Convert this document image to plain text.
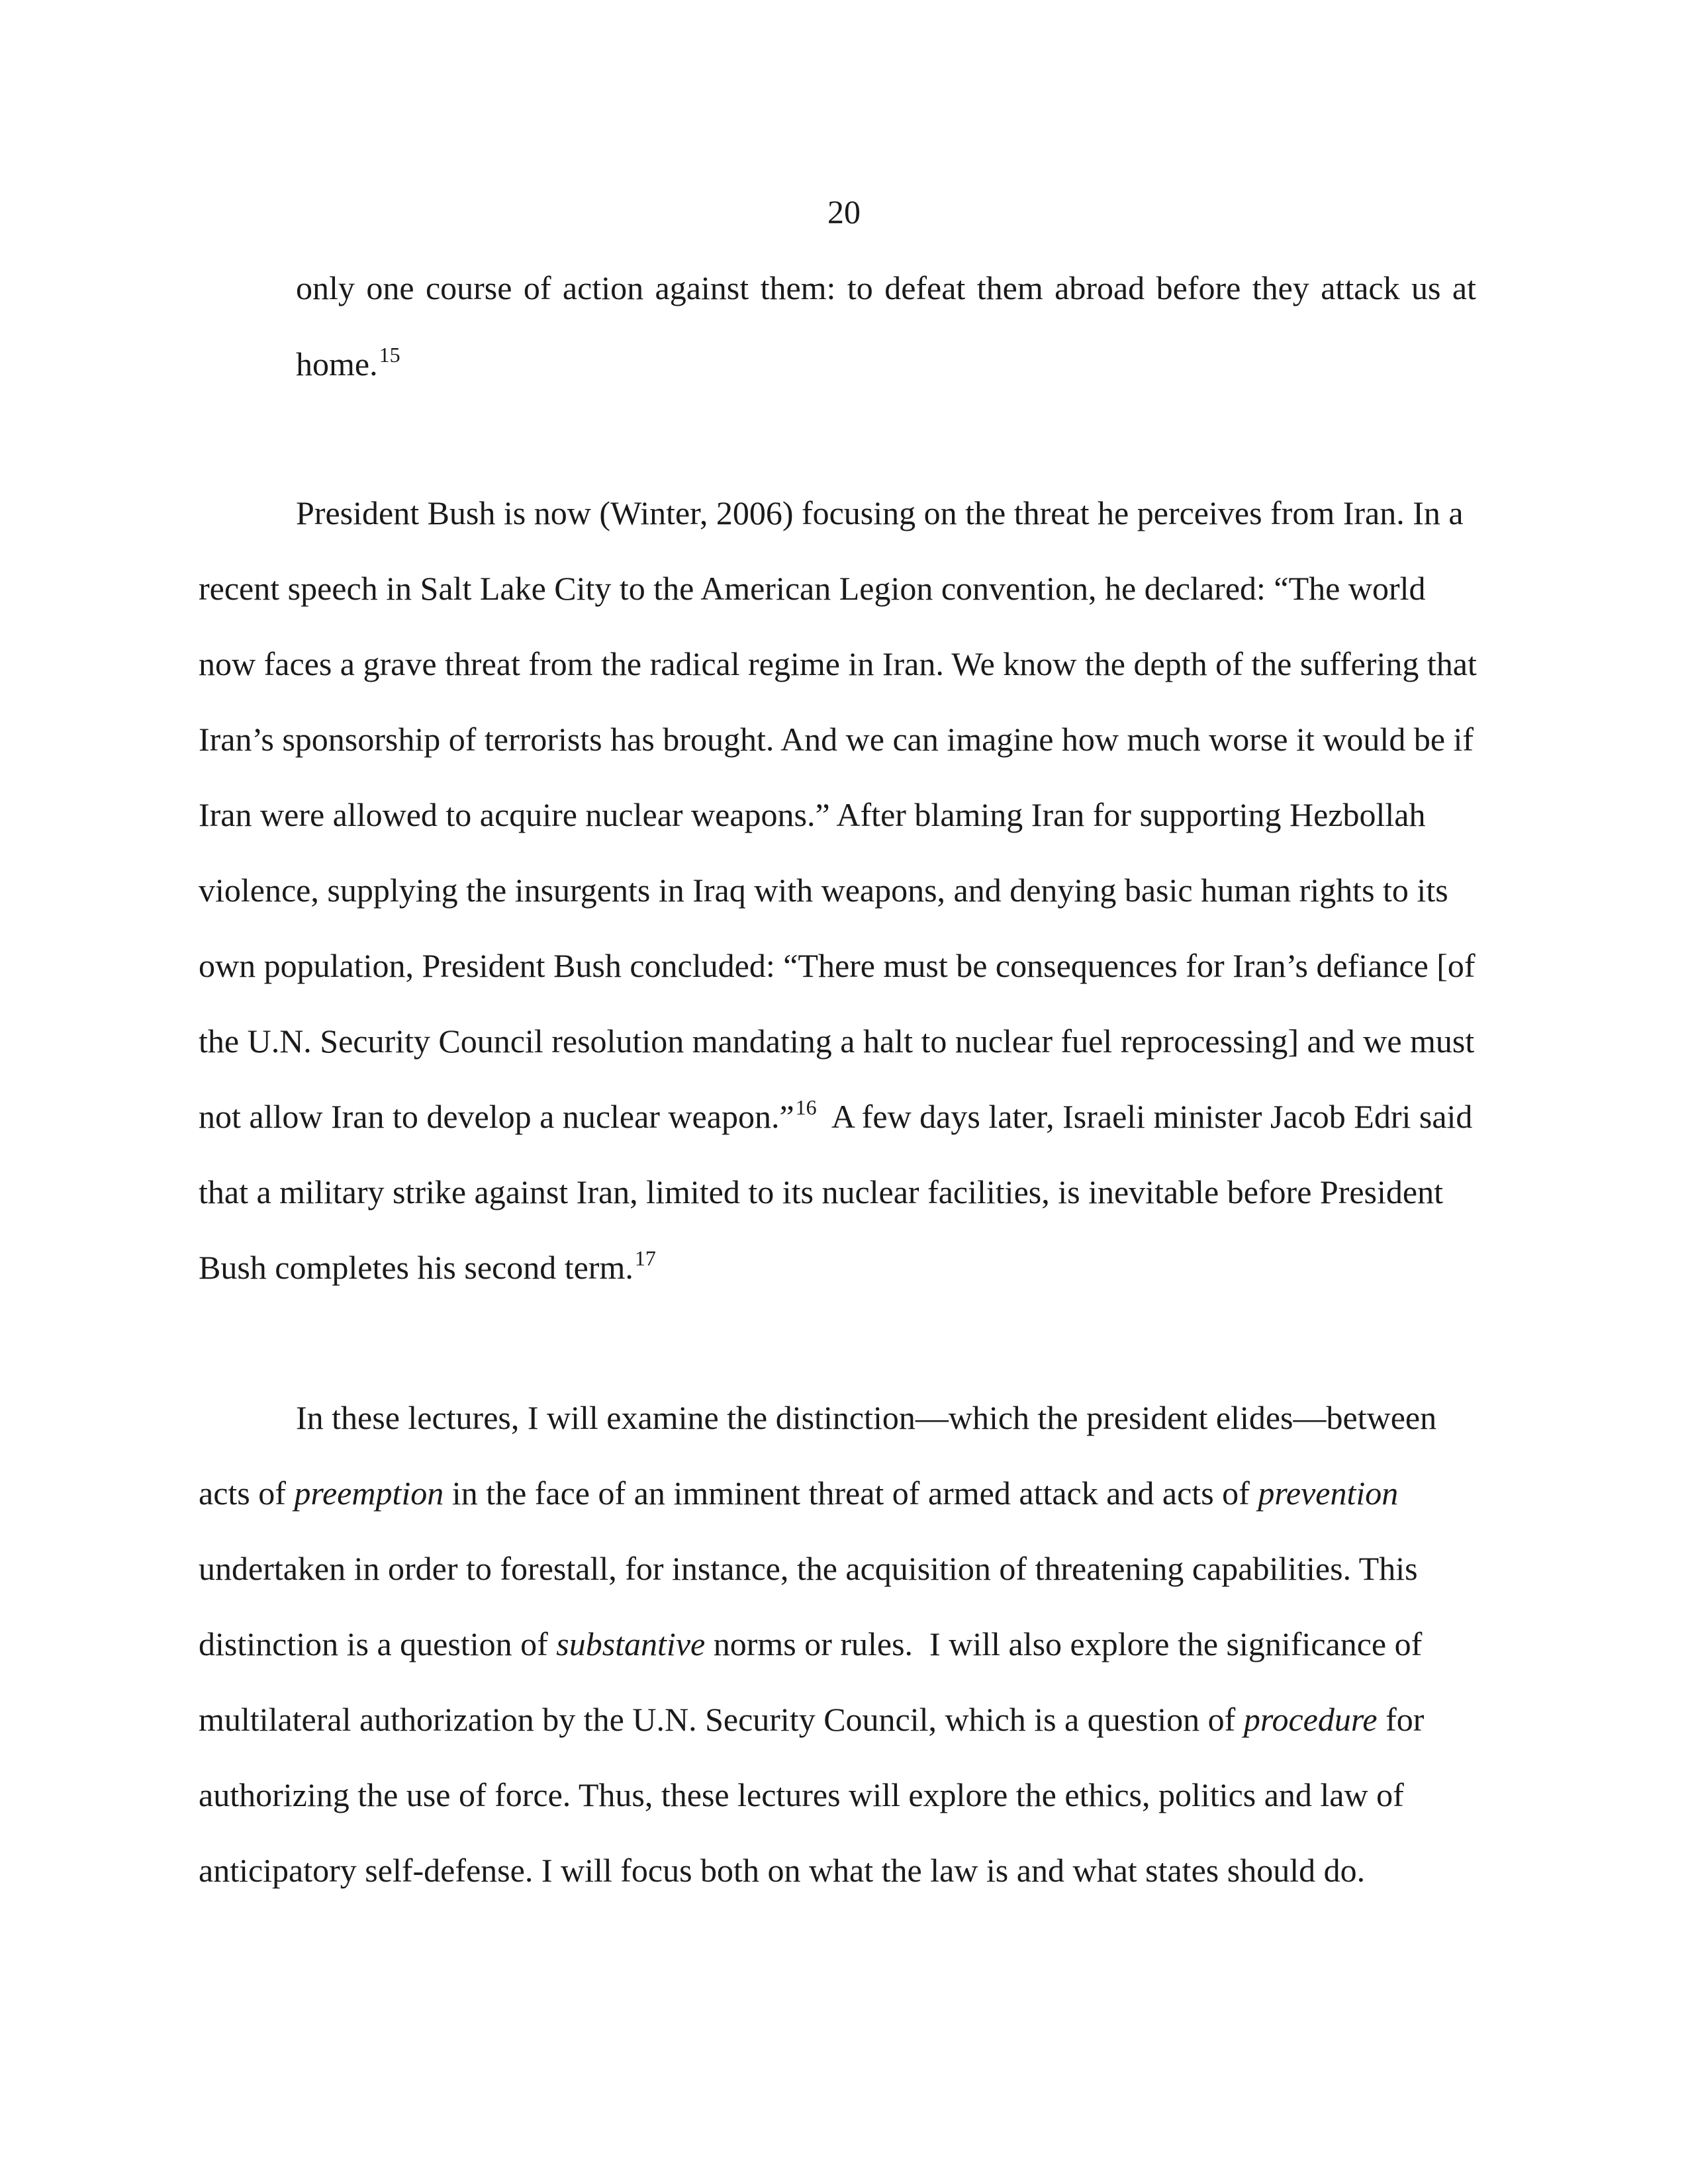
20
only one course of action against them: to defeat them abroad before they attack us at
home.$^{15}$
President Bush is now (Winter, 2006) focusing on the threat he perceives from Iran. In a
recent speech in Salt Lake City to the American Legion convention, he declared: “The world
now faces a grave threat from the radical regime in Iran. We know the depth of the suffering that
Iran’s sponsorship of terrorists has brought. And we can imagine how much worse it would be if
Iran were allowed to acquire nuclear weapons.” After blaming Iran for supporting Hezbollah
violence, supplying the insurgents in Iraq with weapons, and denying basic human rights to its
own population, President Bush concluded: “There must be consequences for Iran’s defiance [of
the U.N. Security Council resolution mandating a halt to nuclear fuel reprocessing] and we must
not allow Iran to develop a nuclear weapon.”$^{16}$  A few days later, Israeli minister Jacob Edri said
that a military strike against Iran, limited to its nuclear facilities, is inevitable before President
Bush completes his second term.$^{17}$
In these lectures, I will examine the distinction—which the president elides—between
acts of preemption in the face of an imminent threat of armed attack and acts of prevention
undertaken in order to forestall, for instance, the acquisition of threatening capabilities. This
distinction is a question of substantive norms or rules.  I will also explore the significance of
multilateral authorization by the U.N. Security Council, which is a question of procedure for
authorizing the use of force. Thus, these lectures will explore the ethics, politics and law of
anticipatory self-defense. I will focus both on what the law is and what states should do.
